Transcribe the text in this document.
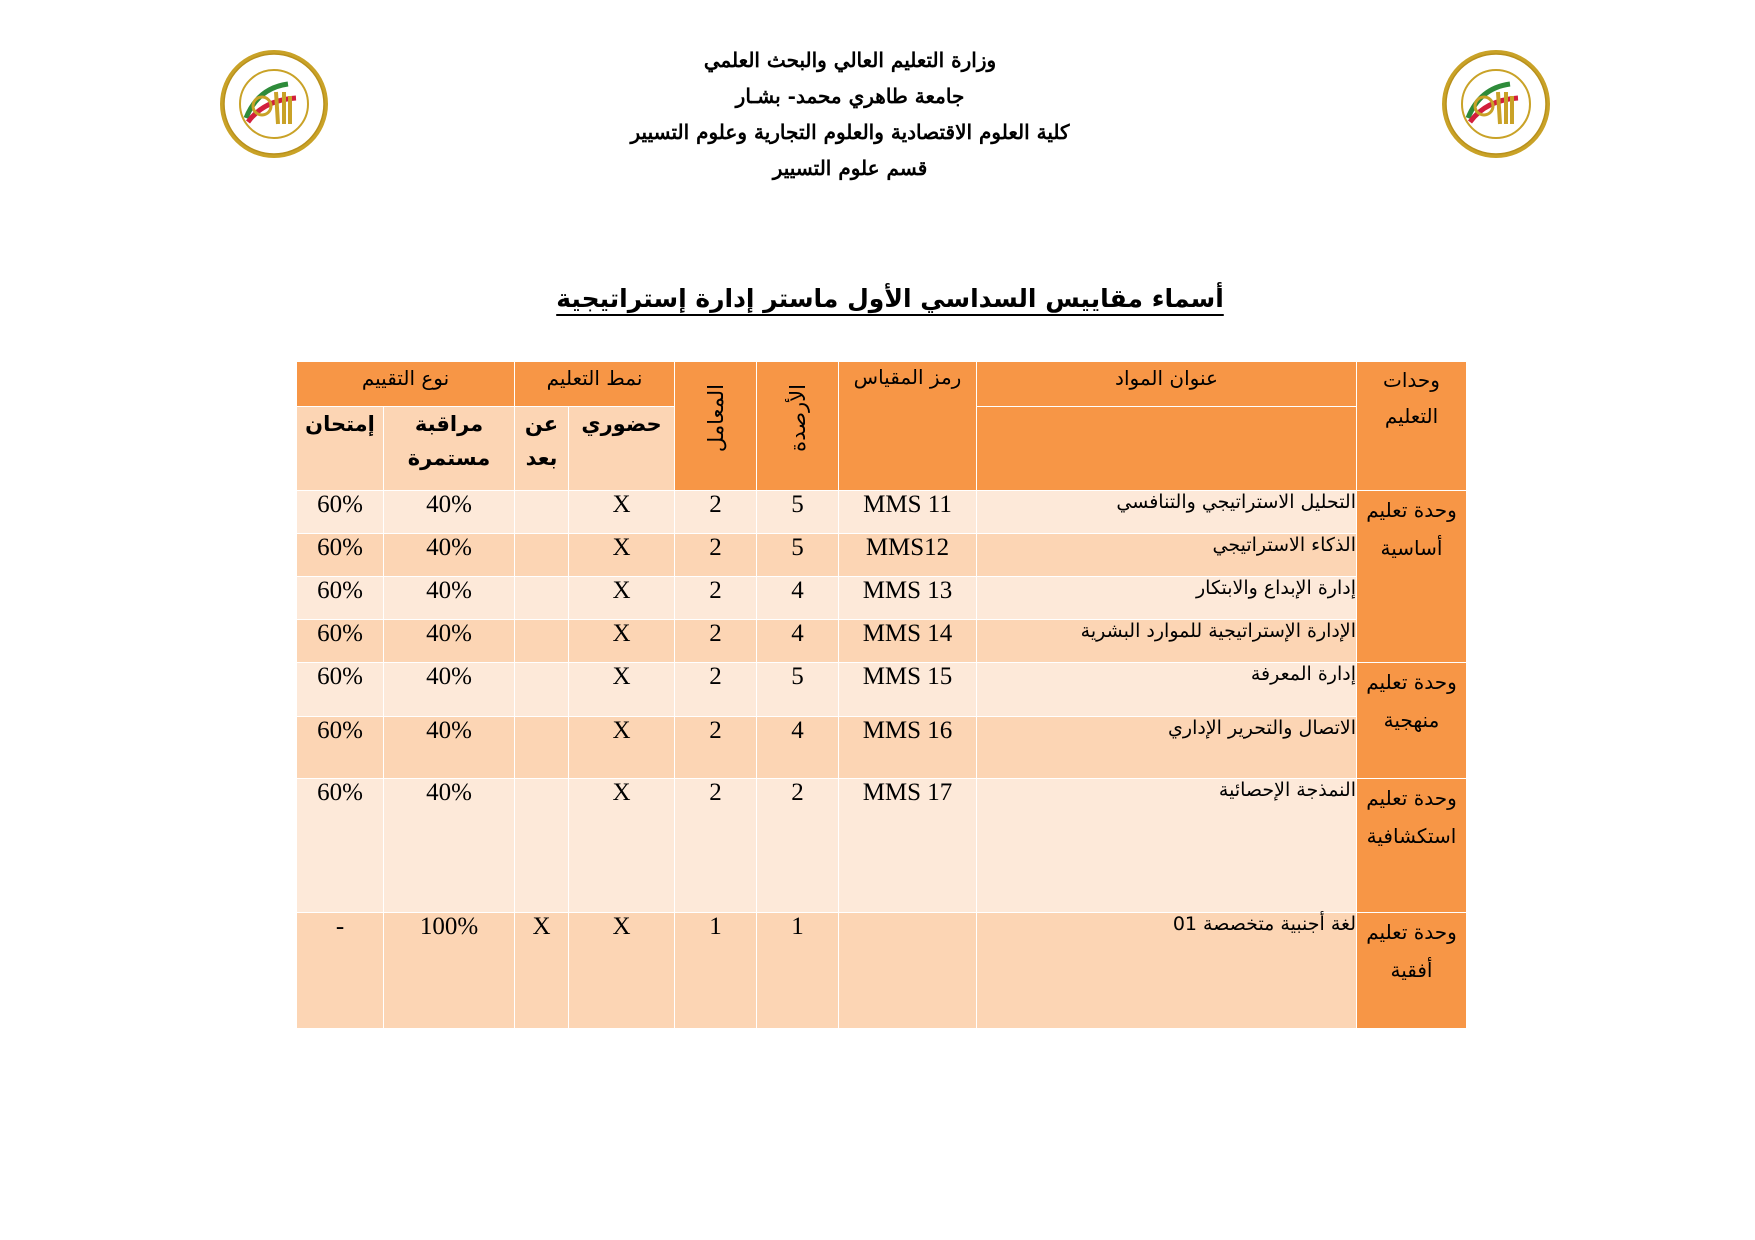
وزارة التعليم العالي والبحث العلمي
جامعة طاهري محمد- بشـار
كلية العلوم الاقتصادية والعلوم التجارية وعلوم التسيير
قسم علوم التسيير
أسماء مقاييس السداسي الأول ماستر إدارة إستراتيجية
وحدات التعليم	عنوان المواد	رمز المقياس	الأرصدة	المعامل	نمط التعليم		نوع التقييم	
					حضوري	عن بعد	مراقبة مستمرة	إمتحان
وحدة تعليم أساسية	التحليل الاستراتيجي والتنافسي	MMS 11	5	2	X		40%	60%
	الذكاء الاستراتيجي	MMS12	5	2	X		40%	60%
	إدارة الإبداع والابتكار	MMS 13	4	2	X		40%	60%
	الإدارة الإستراتيجية للموارد البشرية	MMS 14	4	2	X		40%	60%
وحدة تعليم منهجية	إدارة المعرفة	MMS 15	5	2	X		40%	60%
	الاتصال والتحرير الإداري	MMS 16	4	2	X		40%	60%
وحدة تعليم استكشافية	النمذجة الإحصائية	MMS 17	2	2	X		40%	60%
وحدة تعليم أفقية	لغة أجنبية متخصصة 01		1	1	X	X	100%	-
